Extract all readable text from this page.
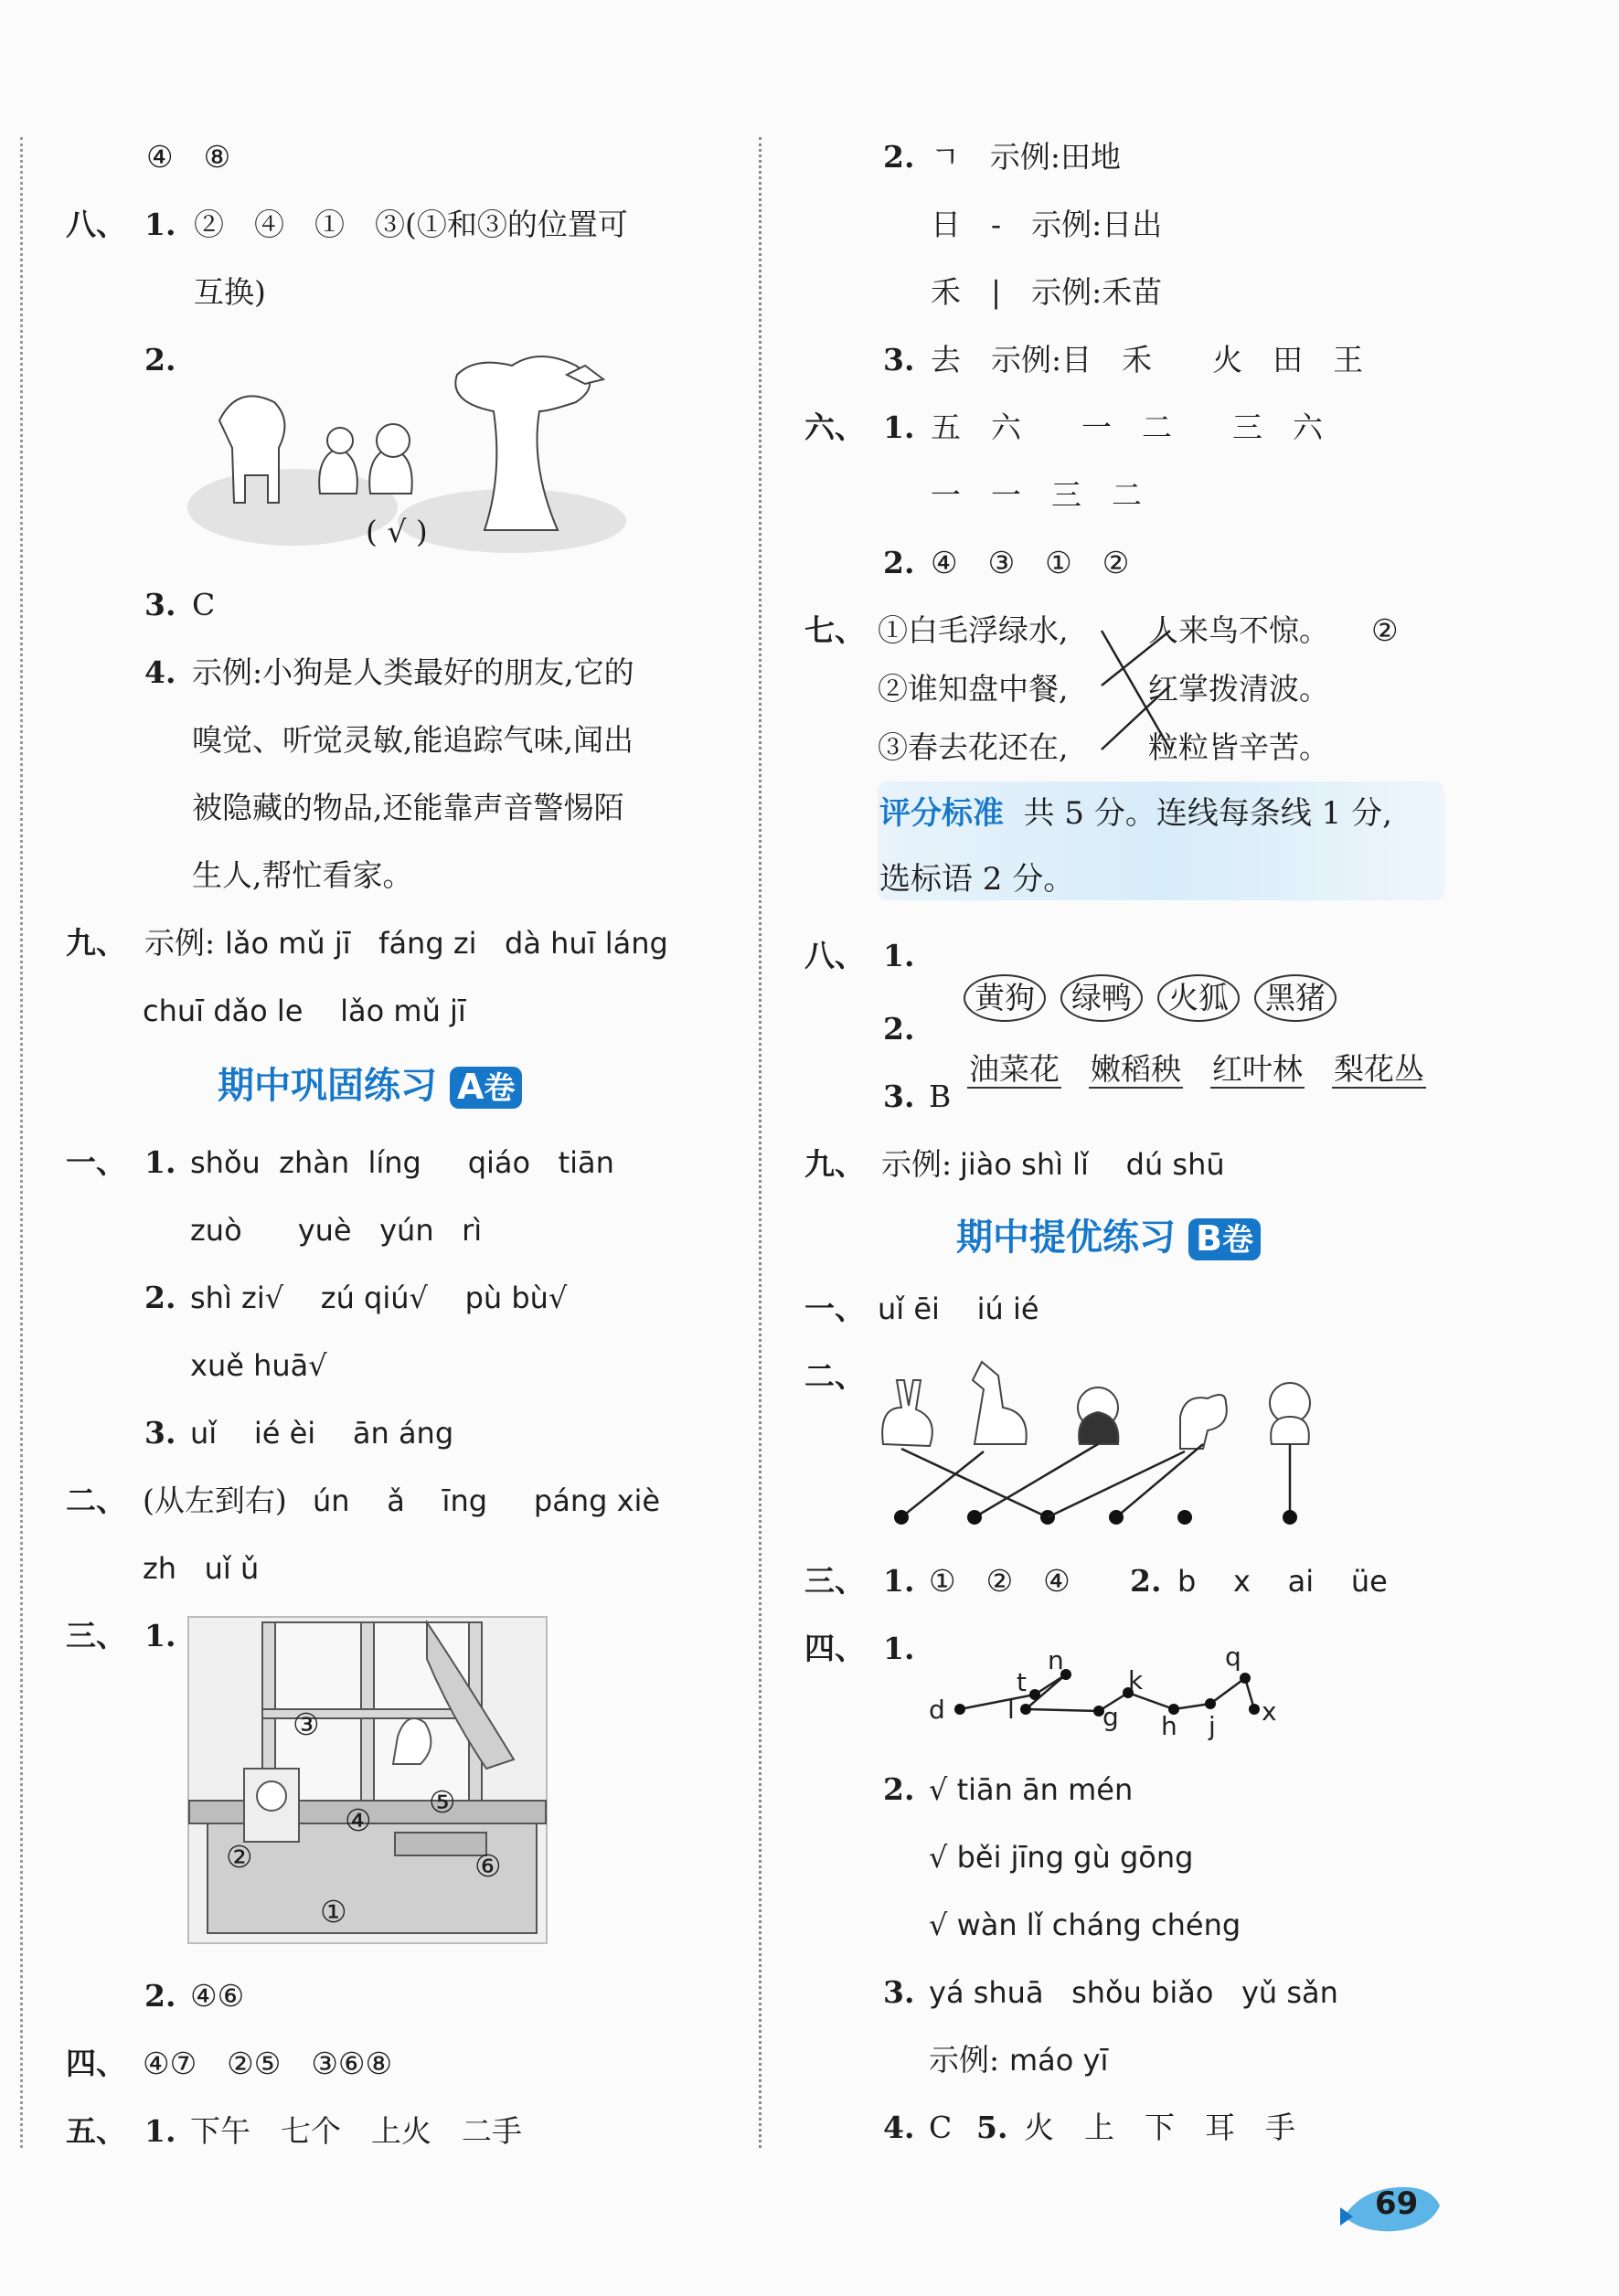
④　⑧
八、 1. ②　④　①　③(①和③的位置可
互换)
2.
( √ )
3. C
4. 示例:小狗是人类最好的朋友,它的
嗅觉、听觉灵敏,能追踪气味,闻出
被隐藏的物品,还能靠声音警惕陌
生人,帮忙看家。
九、 示例: lǎo mǔ jī   fáng zi   dà huī láng
chuī dǎo le    lǎo mǔ jī
期中巩固练习 A卷
一、 1. shǒu  zhàn  líng     qiáo   tiān
zuò      yuè   yún   rì
2. shì zi√    zú qiú√    pù bù√
xuě huā√
3. uǐ    ié èi    ān áng
二、 (从左到右) ún    ǎ    īng     páng xiè
zh   uǐ ǔ
三、 1.
③
④
⑤
②	⑥
①
2. ④⑥
四、 ④⑦　②⑤　③⑥⑧
五、 1. 下午　七个　上火　二手
2. ㄱ　示例:田地
日　-　示例:日出
禾　|　示例:禾苗
3. 去　示例:目　禾　　火　田　王
六、 1. 五　六　　一　二　　三　六
一　一　三　二
2. ④　③　①　②
七、 ①白毛浮绿水,
②谁知盘中餐,
③春去花还在,
人来鸟不惊。
红掌拨清波。
粒粒皆辛苦。
②
评分标准 共 5 分。连线每条线 1 分,
选标语 2 分。
八、 1.

黄狗 绿鸭 火狐 黑猪

2.

油菜花 嫩稻秧 红叶林 梨花丛

3. B
九、 示例: jiào shì lǐ    dú shū
期中提优练习 B卷
一、 uǐ ēi    iú ié
二、
三、 1. ①　②　④ 2. b    x    ai    üe
四、 1.
d
t
n
l
k
g h j
q
x
2. √ tiān ān mén
√ běi jīng gù gōng
√ wàn lǐ cháng chéng
3. yá shuā   shǒu biǎo   yǔ sǎn
示例: máo yī
4. C 5. 火　上　下　耳　手
69
